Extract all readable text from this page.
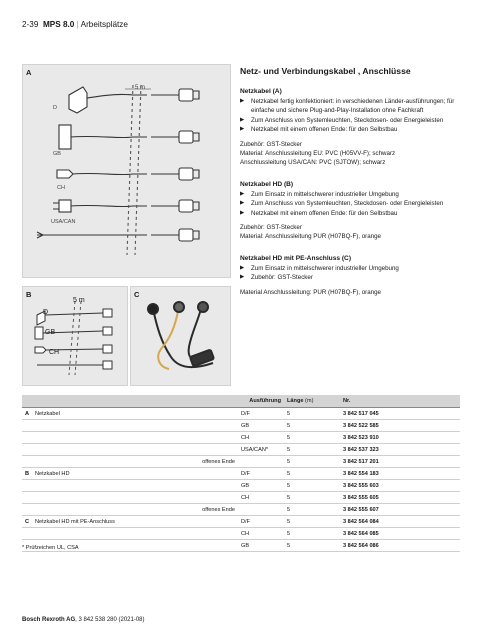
2-39 MPS 8.0 | Arbeitsplätze
A
5 m
D
GB
CH
USA/CAN
B
5 m
D
GB
CH
C
Netz- und Verbindungskabel , Anschlüsse
Netzkabel (A)
▶ Netzkabel fertig konfektioniert: in verschiedenen Länder-ausführungen; für einfache und sichere Plug-and-Play-Installation ohne Fachkraft
▶ Zum Anschluss von Systemleuchten, Steckdosen- oder Energieleisten
▶ Netzkabel mit einem offenen Ende: für den Selbstbau

Zubehör: GST-Stecker

Material: Anschlussleitung EU: PVC (H05VV-F); schwarz

Anschlussleitung USA/CAN: PVC (SJTOW); schwarz

Netzkabel HD (B)
▶ Zum Einsatz in mittelschwerer industrieller Umgebung
▶ Zum Anschluss von Systemleuchten, Steckdosen- oder Energieleisten
▶ Netzkabel mit einem offenen Ende: für den Selbstbau

Zubehör: GST-Stecker

Material: Anschlussleitung PUR (H07BQ-F), orange

Netzkabel HD mit PE-Anschluss (C)
▶ Zum Einsatz in mittelschwerer industrieller Umgebung
▶ Zubehör: GST-Stecker

Material Anschlussleitung: PUR (H07BQ-F), orange

Ausführung		Länge (m)	Nr.
A Netzkabel	D/F	5	3 842 517 045
	GB	5	3 842 522 585
	CH	5	3 842 523 910
	USA/CAN*	5	3 842 537 323
offenes Ende		5	3 842 517 201
B Netzkabel HD	D/F	5	3 842 554 183
	GB	5	3 842 555 603
	CH	5	3 842 555 605
offenes Ende		5	3 842 555 607
C Netzkabel HD mit PE-Anschluss	D/F	5	3 842 564 084
	CH	5	3 842 564 085
	GB	5	3 842 564 086
* Prüfzeichen UL, CSA
Bosch Rexroth AG, 3 842 538 280 (2021-08)
